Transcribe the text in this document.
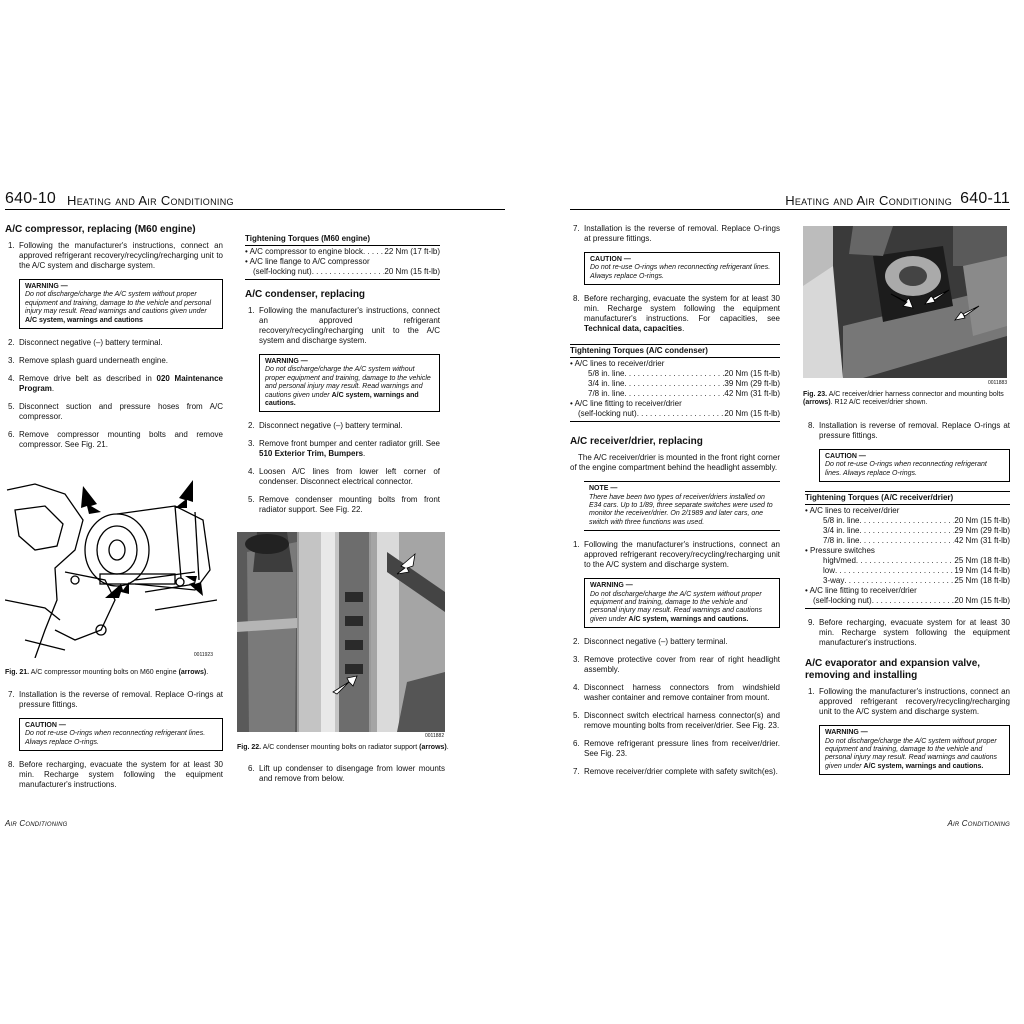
640-10 Heating and Air Conditioning
A/C compressor, replacing (M60 engine)
1. Following the manufacturer's instructions, connect an approved refrigerant recovery/recycling/recharging unit to the A/C system and discharge system.
WARNING —
Do not discharge/charge the A/C system without proper equipment and training, damage to the vehicle and personal injury may result. Read warnings and cautions given under A/C system, warnings and cautions
2. Disconnect negative (–) battery terminal.
3. Remove splash guard underneath engine.
4. Remove drive belt as described in 020 Maintenance Program.
5. Disconnect suction and pressure hoses from A/C compressor.
6. Remove compressor mounting bolts and remove compressor. See Fig. 21.
0011923
Fig. 21. A/C compressor mounting bolts on M60 engine (arrows).
7. Installation is the reverse of removal. Replace O-rings at pressure fittings.
CAUTION —
Do not re-use O-rings when reconnecting refrigerant lines. Always replace O-rings.
8. Before recharging, evacuate the system for at least 30 min. Recharge system following the equipment manufacturer's instructions.
Tightening Torques (M60 engine)
• A/C compressor to engine block . . .	22 Nm (17 ft-lb)
• A/C line flange to A/C compressor
(self-locking nut) . . .	20 Nm (15 ft-lb)
A/C condenser, replacing
1. Following the manufacturer's instructions, connect an approved refrigerant recovery/recycling/recharging unit to the A/C system and discharge system.
WARNING —
Do not discharge/charge the A/C system without proper equipment and training, damage to the vehicle and personal injury may result. Read warnings and cautions given under A/C system, warnings and cautions.
2. Disconnect negative (–) battery terminal.
3. Remove front bumper and center radiator grill. See 510 Exterior Trim, Bumpers.
4. Loosen A/C lines from lower left corner of condenser. Disconnect electrical connector.
5. Remove condenser mounting bolts from front radiator support. See Fig. 22.
0011882
Fig. 22. A/C condenser mounting bolts on radiator support (arrows).
6. Lift up condenser to disengage from lower mounts and remove from below.
Air Conditioning
Heating and Air Conditioning 640-11
7. Installation is the reverse of removal. Replace O-rings at pressure fittings.
CAUTION —
Do not re-use O-rings when reconnecting refrigerant lines. Always replace O-rings.
8. Before recharging, evacuate the system for at least 30 min. Recharge system following the equipment manufacturer's instructions. For capacities, see Technical data, capacities.
Tightening Torques (A/C condenser)
• A/C lines to receiver/drier
5/8 in. line . . .	20 Nm (15 ft-lb)
3/4 in. line . . .	39 Nm (29 ft-lb)
7/8 in. line . . .	42 Nm (31 ft-lb)
• A/C line fitting to receiver/drier
(self-locking nut) . . .	20 Nm (15 ft-lb)
A/C receiver/drier, replacing
The A/C receiver/drier is mounted in the front right corner of the engine compartment behind the headlight assembly.
NOTE —
There have been two types of receiver/driers installed on E34 cars. Up to 1/89, three separate switches were used to monitor the receiver/drier. On 2/1989 and later cars, one switch with three functions was used.
1. Following the manufacturer's instructions, connect an approved refrigerant recovery/recycling/recharging unit to the A/C system and discharge system.
WARNING —
Do not discharge/charge the A/C system without proper equipment and training, damage to the vehicle and personal injury may result. Read warnings and cautions given under A/C system, warnings and cautions.
2. Disconnect negative (–) battery terminal.
3. Remove protective cover from rear of right headlight assembly.
4. Disconnect harness connectors from windshield washer container and remove container from mount.
5. Disconnect switch electrical harness connector(s) and remove mounting bolts from receiver/drier. See Fig. 23.
6. Remove refrigerant pressure lines from receiver/drier. See Fig. 23.
7. Remove receiver/drier complete with safety switch(es).
0011883
Fig. 23. A/C receiver/drier harness connector and mounting bolts (arrows). R12 A/C receiver/drier shown.
8. Installation is reverse of removal. Replace O-rings at pressure fittings.
CAUTION —
Do not re-use O-rings when reconnecting refrigerant lines. Always replace O-rings.
Tightening Torques (A/C receiver/drier)
• A/C lines to receiver/drier
5/8 in. line . . .	20 Nm (15 ft-lb)
3/4 in. line . . .	29 Nm (29 ft-lb)
7/8 in. line . . .	42 Nm (31 ft-lb)
• Pressure switches
high/med . . .	25 Nm (18 ft-lb)
low . . .	19 Nm (14 ft-lb)
3-way . . .	25 Nm (18 ft-lb)
• A/C line fitting to receiver/drier
(self-locking nut) . . .	20 Nm (15 ft-lb)
9. Before recharging, evacuate system for at least 30 min. Recharge system following the equipment manufacturer's instructions.
A/C evaporator and expansion valve, removing and installing
1. Following the manufacturer's instructions, connect an approved refrigerant recovery/recycling/recharging unit to the A/C system and discharge system.
WARNING —
Do not discharge/charge the A/C system without proper equipment and training, damage to the vehicle and personal injury may result. Read warnings and cautions given under A/C system, warnings and cautions.
Air Conditioning
